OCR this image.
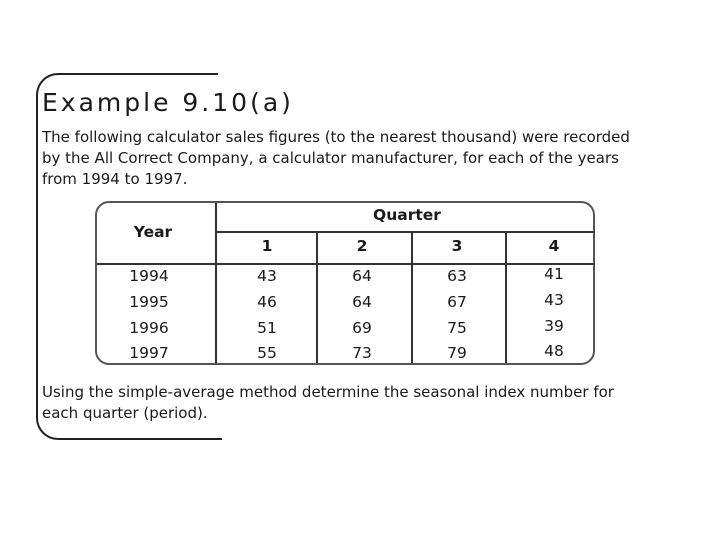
Example 9.10(a)

The following calculator sales figures (to the nearest thousand) were recorded by the All Correct Company, a calculator manufacturer, for each of the years from 1994 to 1997.

Year
Quarter
1	2	3	4
1994	43	64	63	41
1995	46	64	67	43
1996	51	69	75	39
1997	55	73	79	48

Using the simple-average method determine the seasonal index number for each quarter (period).
